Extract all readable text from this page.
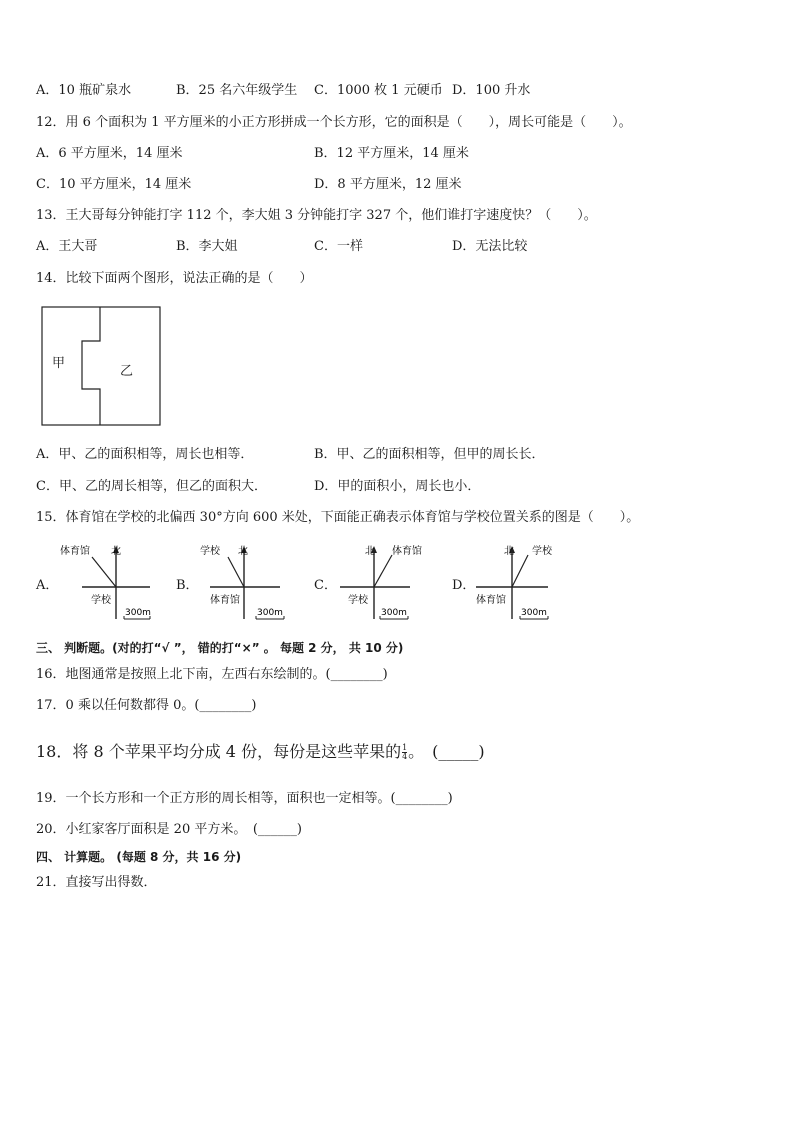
A．10 瓶矿泉水	B．25 名六年级学生 C．1000 枚 1 元硬币 D．100 升水
12．用 6 个面积为 1 平方厘米的小正方形拼成一个长方形，它的面积是（　　），周长可能是（　　）。
A．6 平方厘米，14 厘米	B．12 平方厘米，14 厘米
C．10 平方厘米，14 厘米	D．8 平方厘米，12 厘米
13．王大哥每分钟能打字 112 个，李大姐 3 分钟能打字 327 个，他们谁打字速度快？（　　）。
A．王大哥	B．李大姐	C．一样	D．无法比较
14．比较下面两个图形，说法正确的是（　　）
甲
乙
A．甲、乙的面积相等，周长也相等．	B．甲、乙的面积相等，但甲的周长长．
C．甲、乙的周长相等，但乙的面积大．	D．甲的面积小，周长也小．
15．体育馆在学校的北偏西 30°方向 600 米处，下面能正确表示体育馆与学校位置关系的图是（　　）。
A．
北
体育馆
学校
300m
B．
北
学校
体育馆
300m
C．
北 体育馆
学校
300m
D．
北 学校
体育馆
300m
三、 判断题。(对的打“√ ”， 错的打“×” 。 每题 2 分， 共 10 分)
16．地图通常是按照上北下南，左西右东绘制的。(________)
17．0 乘以任何数都得 0。(________)
18．将 8 个苹果平均分成 4 份，每份是这些苹果的 $\frac{1}{4}$ 。　(_____)
19．一个长方形和一个正方形的周长相等，面积也一定相等。(________)
20．小红家客厅面积是 20 平方米。　(______)
四、 计算题。 (每题 8 分，共 16 分)
21．直接写出得数．
